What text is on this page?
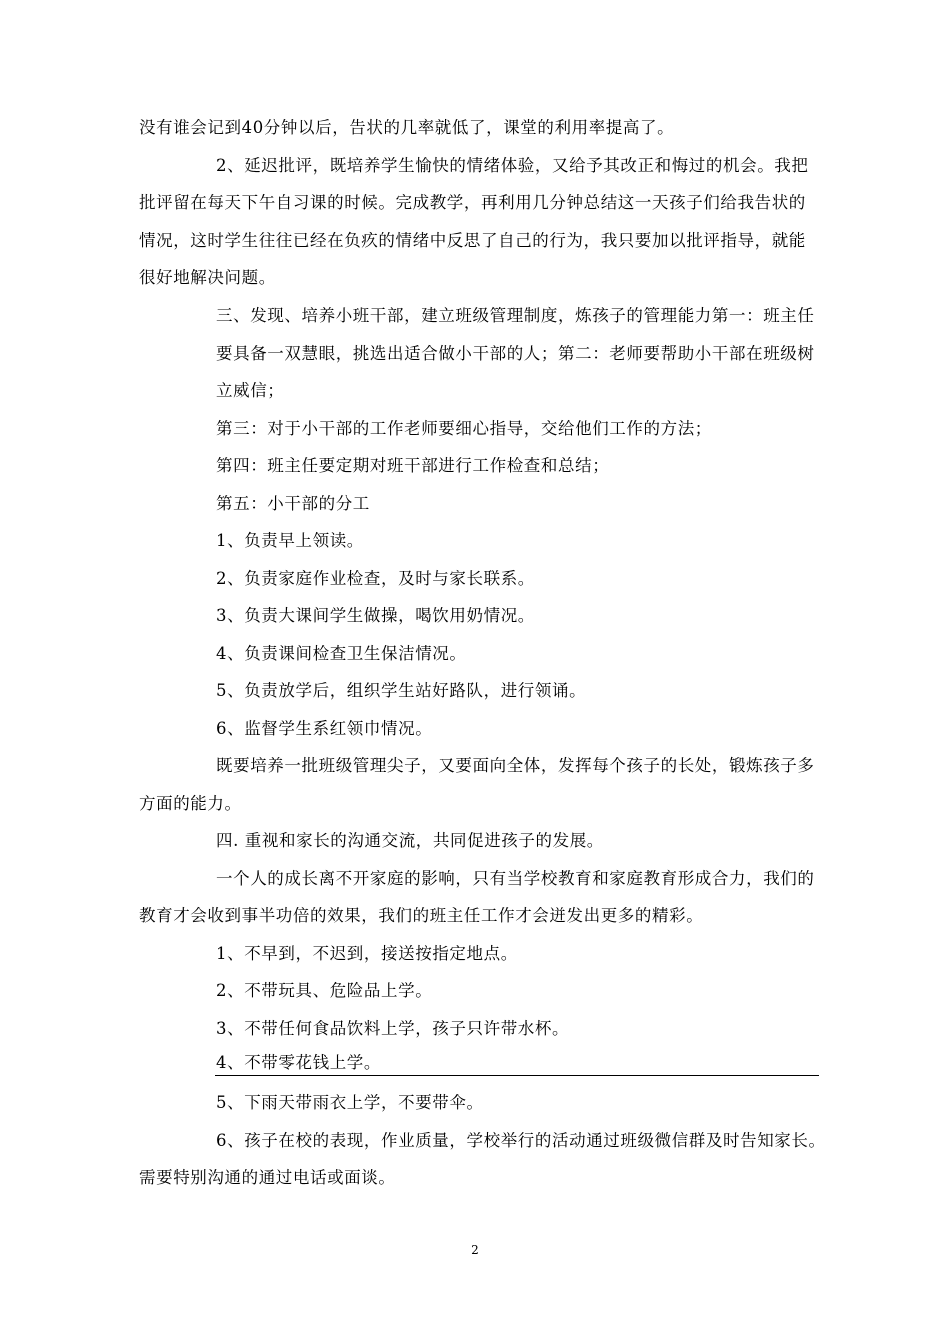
没有谁会记到40分钟以后，告状的几率就低了，课堂的利用率提高了。
2、延迟批评，既培养学生愉快的情绪体验，又给予其改正和悔过的机会。我把
批评留在每天下午自习课的时候。完成教学，再利用几分钟总结这一天孩子们给我告状的
情况，这时学生往往已经在负疚的情绪中反思了自己的行为，我只要加以批评指导，就能
很好地解决问题。
三、发现、培养小班干部，建立班级管理制度，炼孩子的管理能力第一：班主任
要具备一双慧眼，挑选出适合做小干部的人；第二：老师要帮助小干部在班级树
立威信；
第三：对于小干部的工作老师要细心指导，交给他们工作的方法；
第四：班主任要定期对班干部进行工作检查和总结；
第五：小干部的分工
1、负责早上领读。
2、负责家庭作业检查，及时与家长联系。
3、负责大课间学生做操，喝饮用奶情况。
4、负责课间检查卫生保洁情况。
5、负责放学后，组织学生站好路队，进行领诵。
6、监督学生系红领巾情况。
既要培养一批班级管理尖子，又要面向全体，发挥每个孩子的长处，锻炼孩子多
方面的能力。
四. 重视和家长的沟通交流，共同促进孩子的发展。
一个人的成长离不开家庭的影响，只有当学校教育和家庭教育形成合力，我们的
教育才会收到事半功倍的效果，我们的班主任工作才会迸发出更多的精彩。
1、不早到，不迟到，接送按指定地点。
2、不带玩具、危险品上学。
3、不带任何食品饮料上学，孩子只许带水杯。
4、不带零花钱上学。
5、下雨天带雨衣上学，不要带伞。
6、孩子在校的表现，作业质量，学校举行的活动通过班级微信群及时告知家长。
需要特别沟通的通过电话或面谈。
2
